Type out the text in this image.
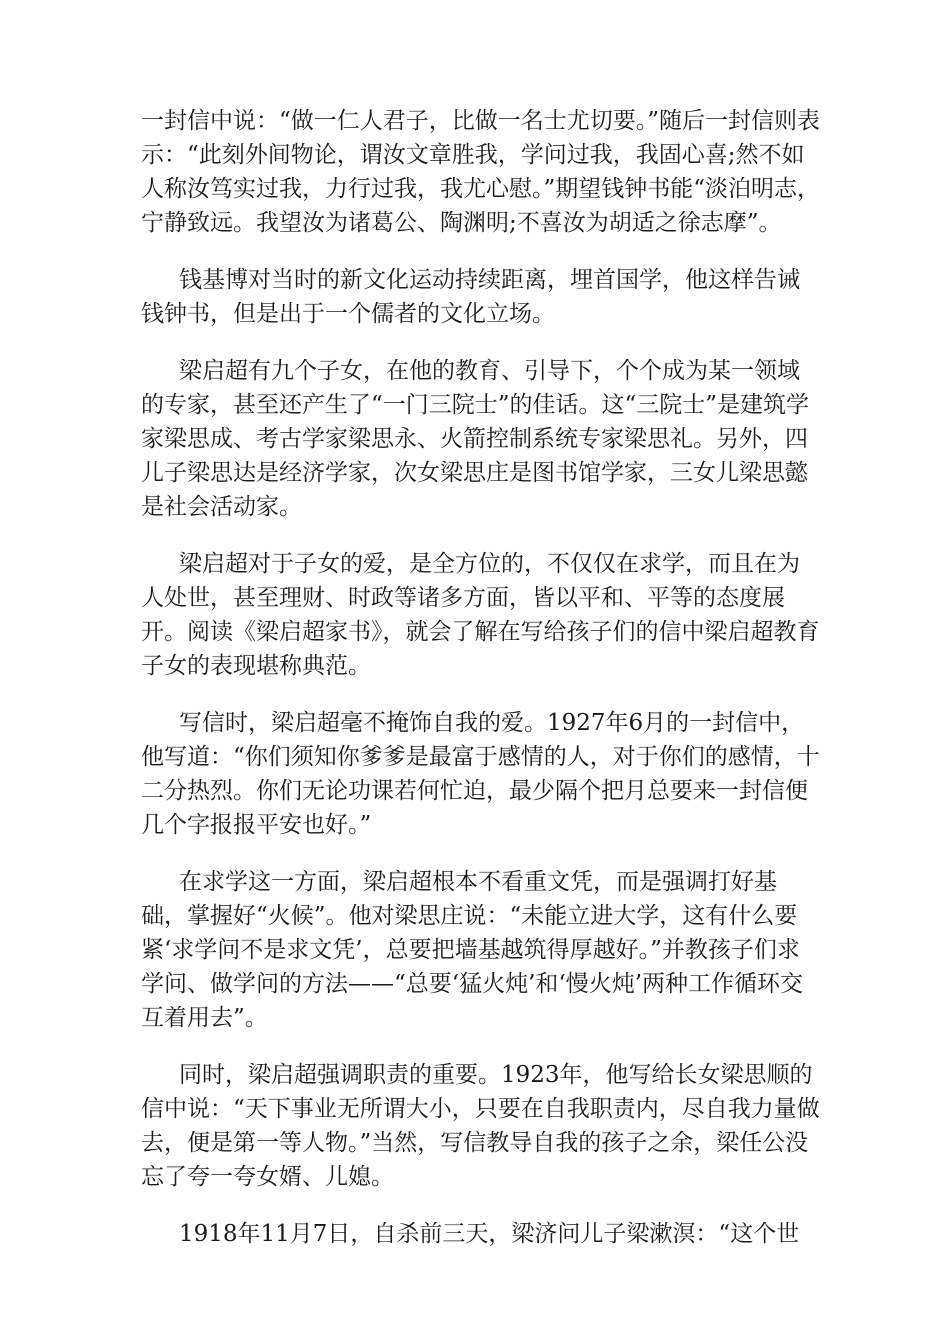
一封信中说：“做一仁人君子，比做一名士尤切要。”随后一封信则表示：“此刻外间物论，谓汝文章胜我，学问过我，我固心喜;然不如人称汝笃实过我，力行过我，我尤心慰。”期望钱钟书能“淡泊明志，宁静致远。我望汝为诸葛公、陶渊明;不喜汝为胡适之徐志摩”。

钱基博对当时的新文化运动持续距离，埋首国学，他这样告诫钱钟书，但是出于一个儒者的文化立场。

梁启超有九个子女，在他的教育、引导下，个个成为某一领域的专家，甚至还产生了“一门三院士”的佳话。这“三院士”是建筑学家梁思成、考古学家梁思永、火箭控制系统专家梁思礼。另外，四儿子梁思达是经济学家，次女梁思庄是图书馆学家，三女儿梁思懿是社会活动家。

梁启超对于子女的爱，是全方位的，不仅仅在求学，而且在为人处世，甚至理财、时政等诸多方面，皆以平和、平等的态度展开。阅读《梁启超家书》，就会了解在写给孩子们的信中梁启超教育子女的表现堪称典范。

写信时，梁启超毫不掩饰自我的爱。1927年6月的一封信中，他写道：“你们须知你爹爹是最富于感情的人，对于你们的感情，十二分热烈。你们无论功课若何忙迫，最少隔个把月总要来一封信便几个字报报平安也好。”

在求学这一方面，梁启超根本不看重文凭，而是强调打好基础，掌握好“火候”。他对梁思庄说：“未能立进大学，这有什么要紧‘求学问不是求文凭’，总要把墙基越筑得厚越好。”并教孩子们求学问、做学问的方法——“总要‘猛火炖’和‘慢火炖’两种工作循环交互着用去”。

同时，梁启超强调职责的重要。1923年，他写给长女梁思顺的信中说：“天下事业无所谓大小，只要在自我职责内，尽自我力量做去，便是第一等人物。”当然，写信教导自我的孩子之余，梁任公没忘了夸一夸女婿、儿媳。

1918年11月7日，自杀前三天，梁济问儿子梁漱溟：“这个世
